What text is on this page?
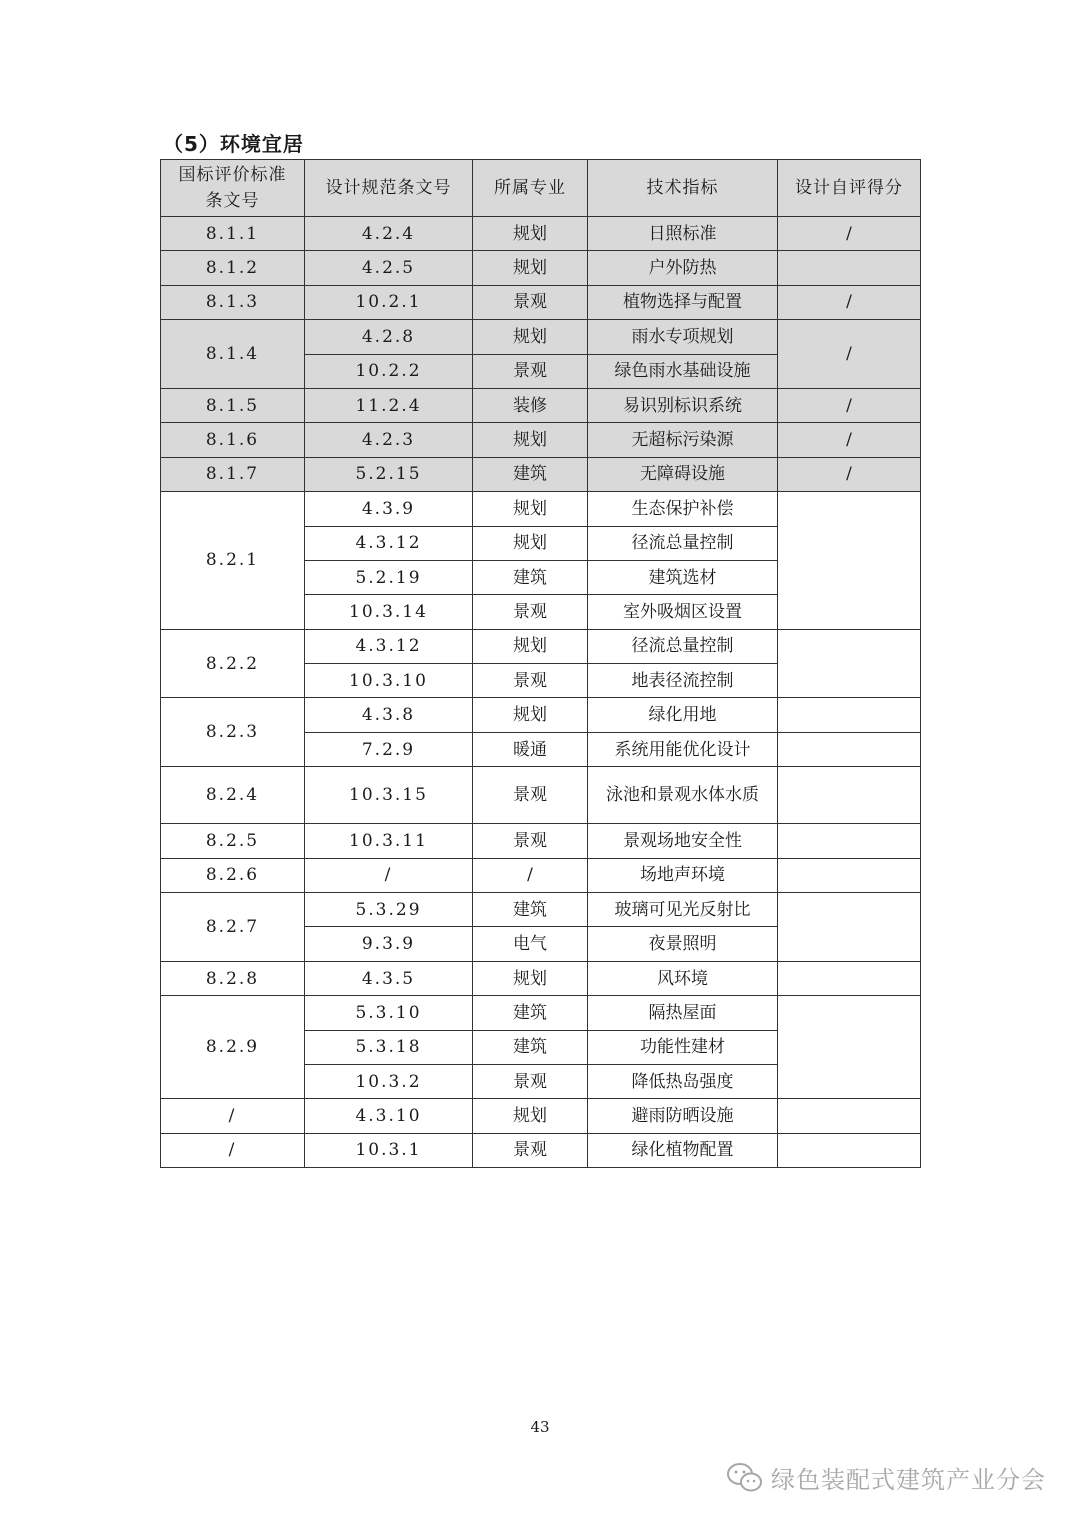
（5）环境宜居
国标评价标准条文号	设计规范条文号	所属专业	技术指标	设计自评得分
8.1.1	4.2.4	规划	日照标准	/
8.1.2	4.2.5	规划	户外防热	
8.1.3	10.2.1	景观	植物选择与配置	/
8.1.4	4.2.8	规划	雨水专项规划	/
	10.2.2	景观	绿色雨水基础设施	
8.1.5	11.2.4	装修	易识别标识系统	/
8.1.6	4.2.3	规划	无超标污染源	/
8.1.7	5.2.15	建筑	无障碍设施	/
8.2.1	4.3.9	规划	生态保护补偿	
	4.3.12	规划	径流总量控制	
	5.2.19	建筑	建筑选材	
	10.3.14	景观	室外吸烟区设置	
8.2.2	4.3.12	规划	径流总量控制	
	10.3.10	景观	地表径流控制	
8.2.3	4.3.8	规划	绿化用地	
	7.2.9	暖通	系统用能优化设计	
8.2.4	10.3.15	景观	泳池和景观水体水质	
8.2.5	10.3.11	景观	景观场地安全性	
8.2.6	/	/	场地声环境	
8.2.7	5.3.29	建筑	玻璃可见光反射比	
	9.3.9	电气	夜景照明	
8.2.8	4.3.5	规划	风环境	
8.2.9	5.3.10	建筑	隔热屋面	
	5.3.18	建筑	功能性建材	
	10.3.2	景观	降低热岛强度	
/	4.3.10	规划	避雨防晒设施	
/	10.3.1	景观	绿化植物配置	
43
绿色装配式建筑产业分会
